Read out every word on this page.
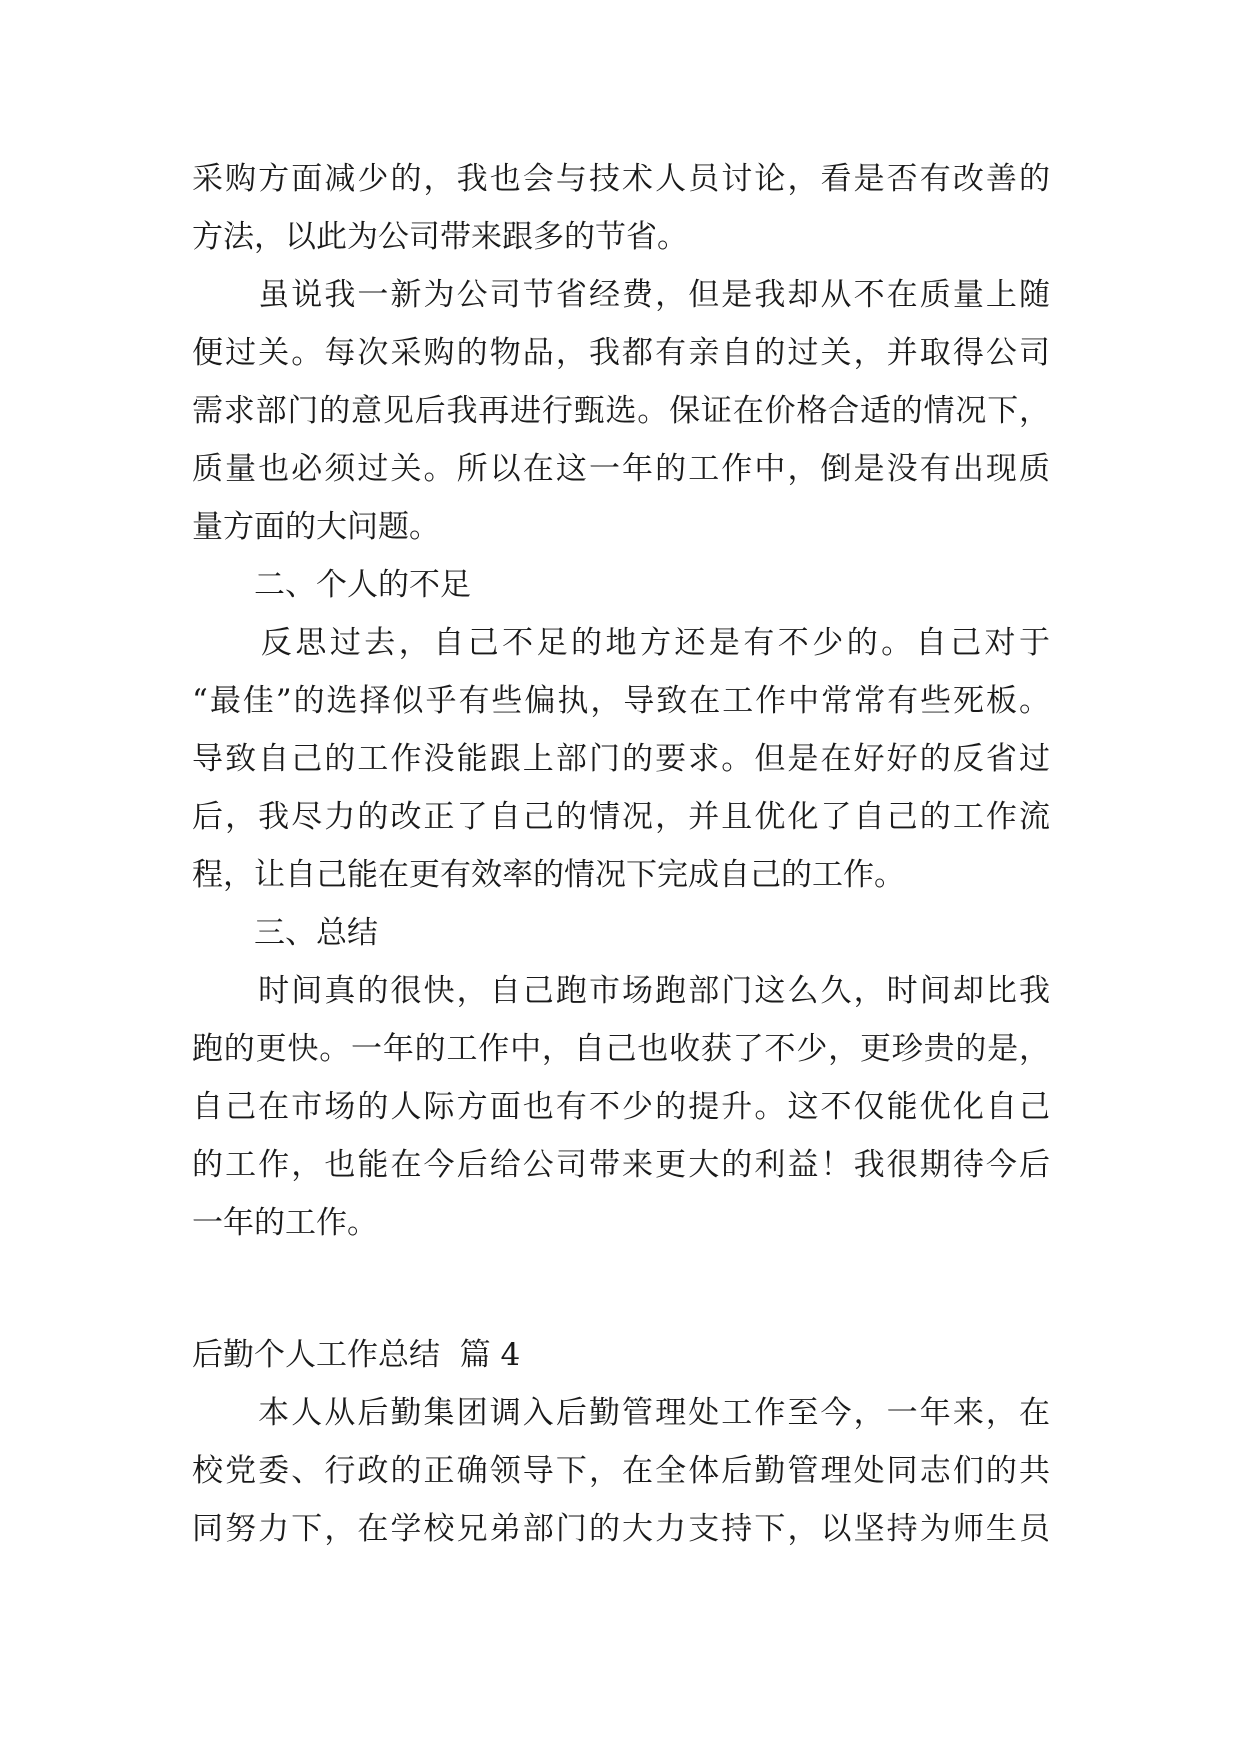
采购方面减少的，我也会与技术人员讨论，看是否有改善的
方法，以此为公司带来跟多的节省。
　　虽说我一新为公司节省经费，但是我却从不在质量上随
便过关。每次采购的物品，我都有亲自的过关，并取得公司
需求部门的意见后我再进行甄选。保证在价格合适的情况下，
质量也必须过关。所以在这一年的工作中，倒是没有出现质
量方面的大问题。
　　二、个人的不足
　　反思过去，自己不足的地方还是有不少的。自己对于
“最佳”的选择似乎有些偏执，导致在工作中常常有些死板。
导致自己的工作没能跟上部门的要求。但是在好好的反省过
后，我尽力的改正了自己的情况，并且优化了自己的工作流
程，让自己能在更有效率的情况下完成自己的工作。
　　三、总结
　　时间真的很快，自己跑市场跑部门这么久，时间却比我
跑的更快。一年的工作中，自己也收获了不少，更珍贵的是，
自己在市场的人际方面也有不少的提升。这不仅能优化自己
的工作，也能在今后给公司带来更大的利益！我很期待今后
一年的工作。
后勤个人工作总结  篇 4
　　本人从后勤集团调入后勤管理处工作至今，一年来，在
校党委、行政的正确领导下，在全体后勤管理处同志们的共
同努力下，在学校兄弟部门的大力支持下，以坚持为师生员
